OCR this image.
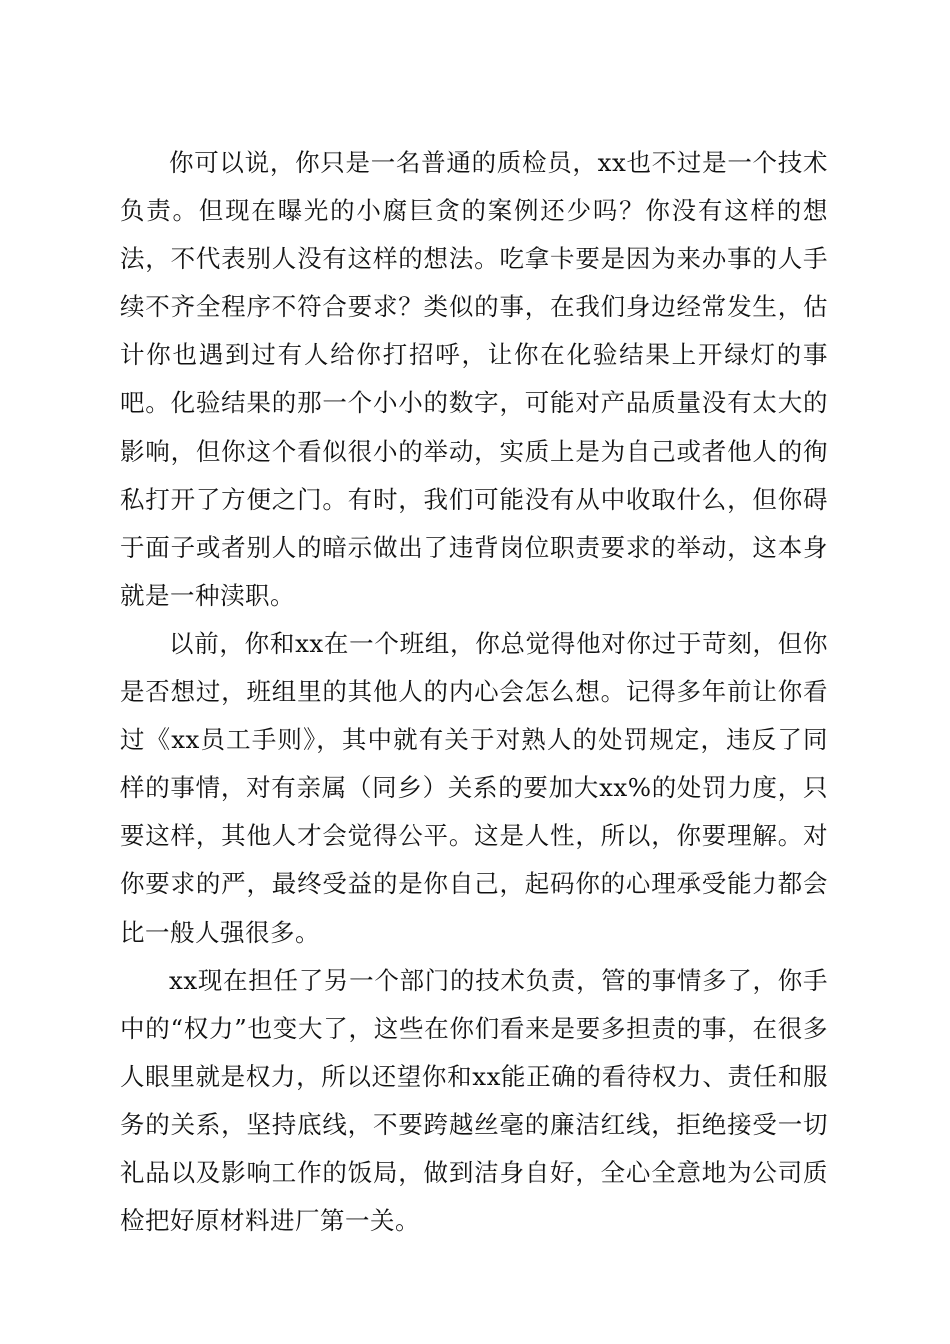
你可以说，你只是一名普通的质检员，xx也不过是一个技术负责。但现在曝光的小腐巨贪的案例还少吗？你没有这样的想法，不代表别人没有这样的想法。吃拿卡要是因为来办事的人手续不齐全程序不符合要求？类似的事，在我们身边经常发生，估计你也遇到过有人给你打招呼，让你在化验结果上开绿灯的事吧。化验结果的那一个小小的数字，可能对产品质量没有太大的影响，但你这个看似很小的举动，实质上是为自己或者他人的徇私打开了方便之门。有时，我们可能没有从中收取什么，但你碍于面子或者别人的暗示做出了违背岗位职责要求的举动，这本身就是一种渎职。

以前，你和xx在一个班组，你总觉得他对你过于苛刻，但你是否想过，班组里的其他人的内心会怎么想。记得多年前让你看过《xx员工手则》，其中就有关于对熟人的处罚规定，违反了同样的事情，对有亲属（同乡）关系的要加大xx%的处罚力度，只要这样，其他人才会觉得公平。这是人性，所以，你要理解。对你要求的严，最终受益的是你自己，起码你的心理承受能力都会比一般人强很多。

xx现在担任了另一个部门的技术负责，管的事情多了，你手中的“权力”也变大了，这些在你们看来是要多担责的事，在很多人眼里就是权力，所以还望你和xx能正确的看待权力、责任和服务的关系，坚持底线，不要跨越丝毫的廉洁红线，拒绝接受一切礼品以及影响工作的饭局，做到洁身自好，全心全意地为公司质检把好原材料进厂第一关。
